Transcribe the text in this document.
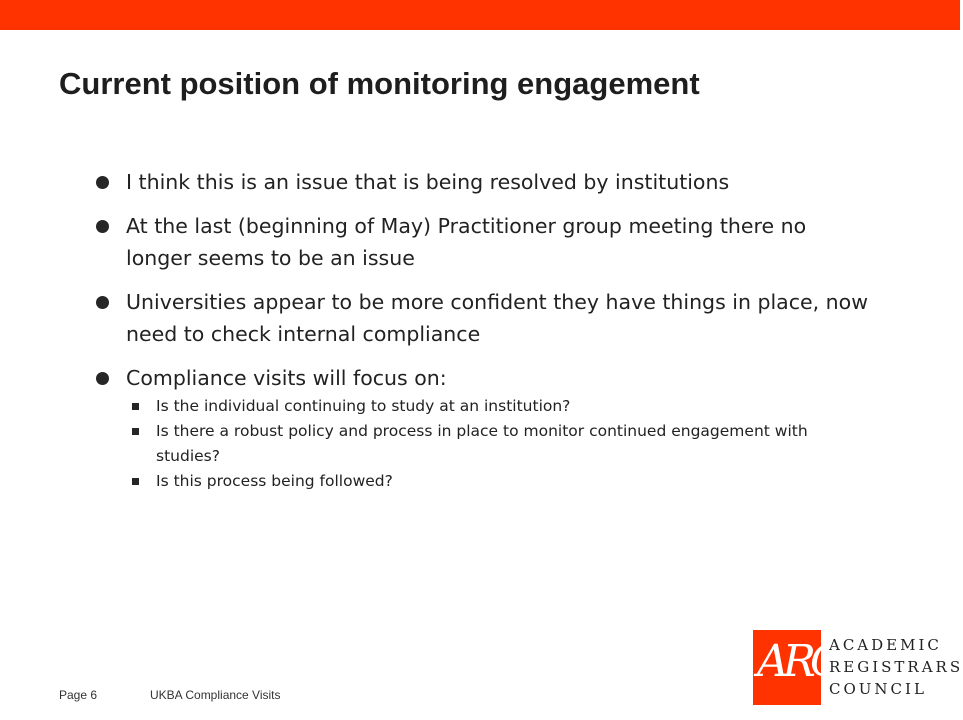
Current position of monitoring engagement
I think this is an issue that is being resolved by institutions
At the last (beginning of May) Practitioner group meeting there no longer seems to be an issue
Universities appear to be more confident they have things in place, now need to check internal compliance
Compliance visits will focus on:
Is the individual continuing to study at an institution?
Is there a robust policy and process in place to monitor continued engagement with studies?
Is this process being followed?
Page 6	UKBA Compliance Visits
ARC
ACADEMIC
REGISTRARS
COUNCIL
